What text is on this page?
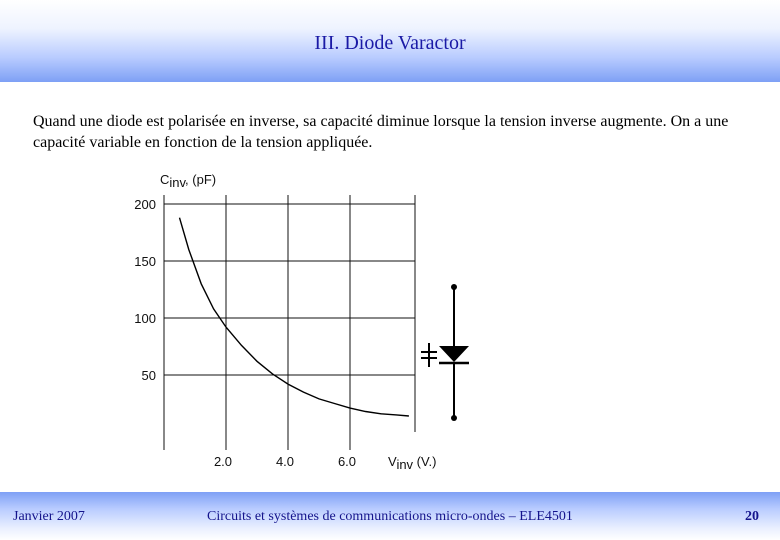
III. Diode Varactor
Quand une diode est polarisée en inverse, sa capacité diminue lorsque la tension inverse augmente. On a une capacité variable en fonction de la tension appliquée.
200
150
100
50
2.0	4.0	6.0
Cinv, (pF)
Vinv (V.)
Janvier 2007	Circuits et systèmes de communications micro-ondes – ELE4501	20
